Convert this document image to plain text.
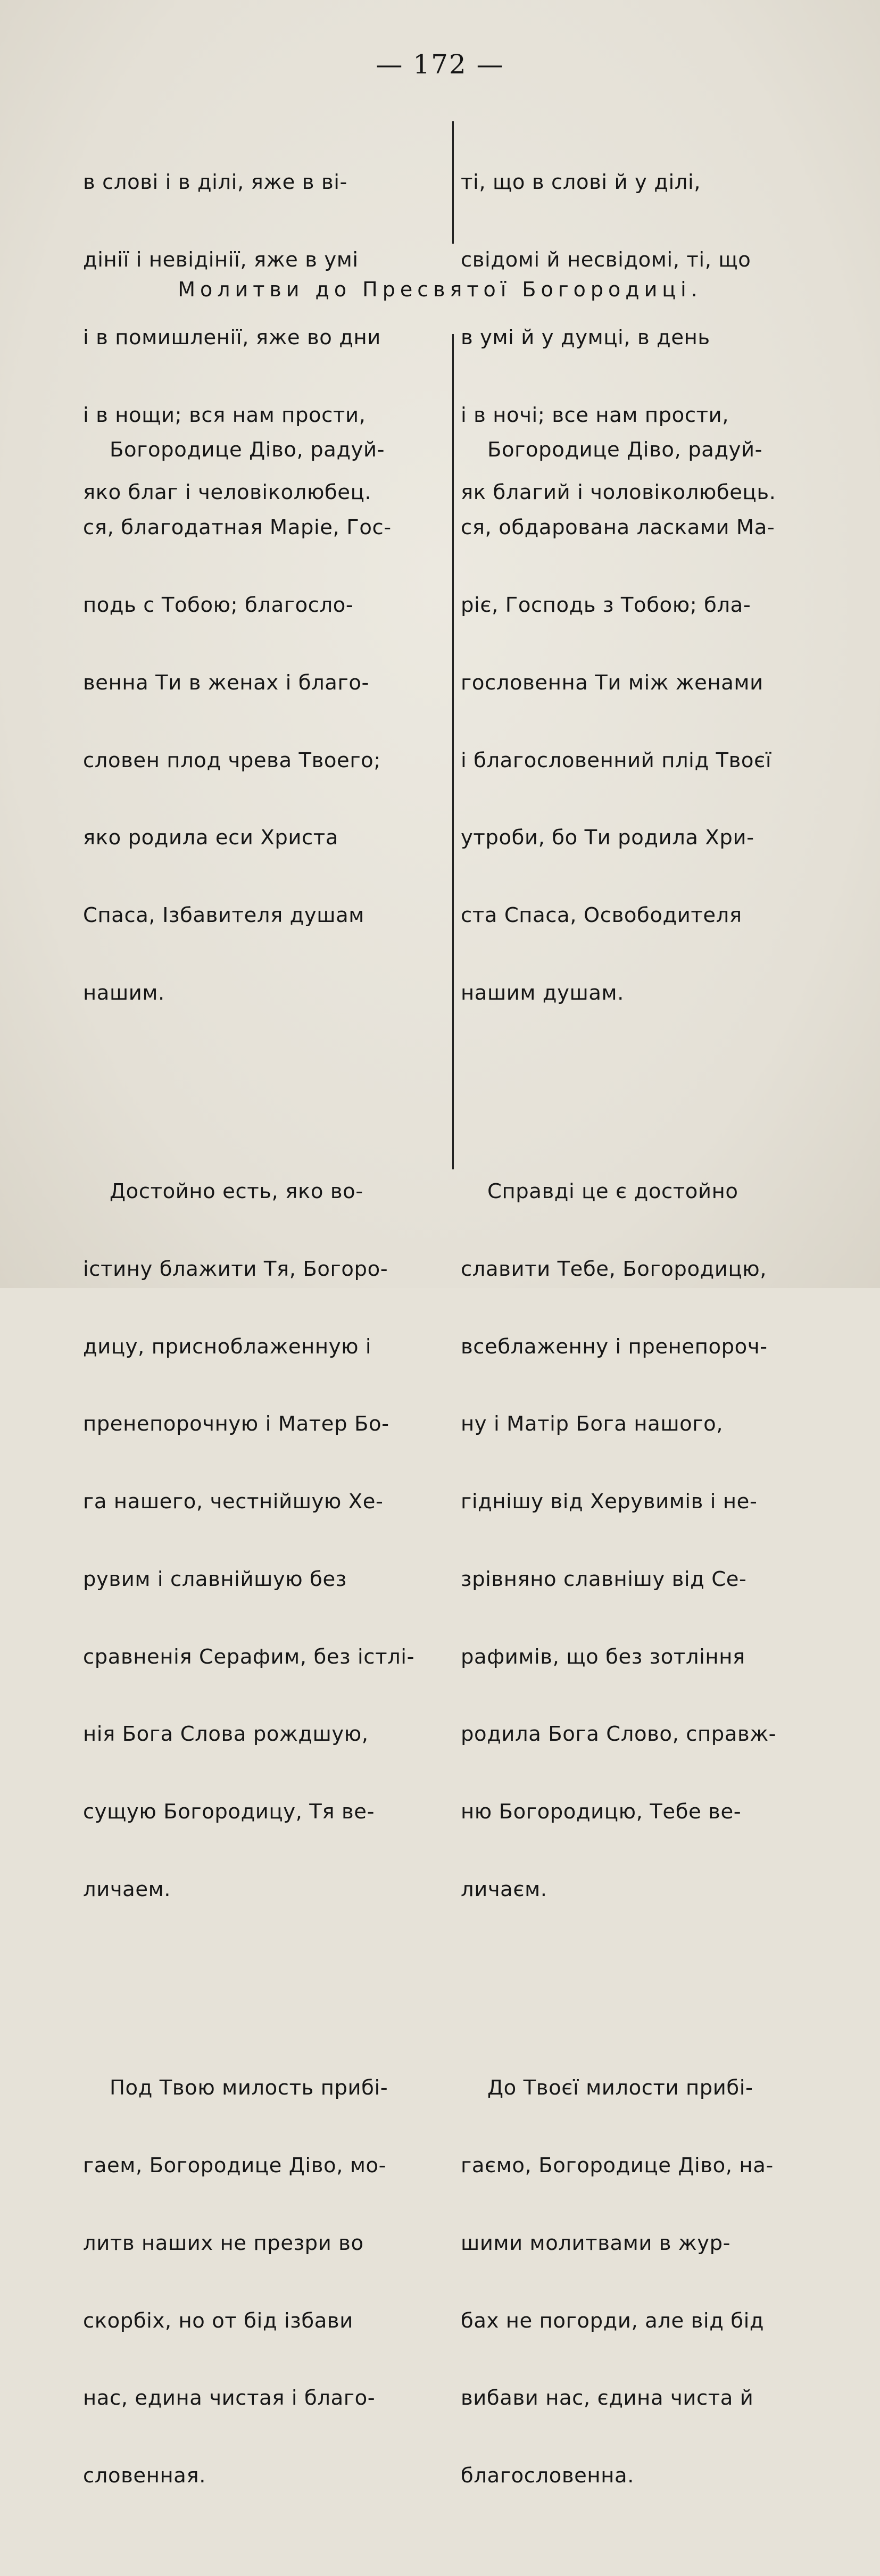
— 172 —

в слові і в ділі, яже в ві-

дінії і невідінії, яже в умі

і в помишленії, яже во дни

і в нощи; вся нам прости,

яко благ і человіколюбец.

ті, що в слові й у ділі,

свідомі й несвідомі, ті, що

в умі й у думці, в день

і в ночі; все нам прости,

як благий і чоловіколюбець.

Молитви до Пресвятої Богородиці.

Богородице Діво, радуй-

ся, благодатная Маріе, Гос-

подь с Тобою; благосло-

венна Ти в женах і благо-

словен плод чрева Твоего;

яко родила еси Христа

Спаса, Ізбавителя душам

нашим.

Достойно есть, яко во-

істину блажити Тя, Богоро-

дицу, присноблаженную і

пренепорочную і Матер Бо-

га нашего, честнійшую Хе-

рувим і славнійшую без

сравненія Серафим, без істлі-

нія Бога Слова рождшую,

сущую Богородицу, Тя ве-

личаем.

Под Твою милость прибі-

гаем, Богородице Діво, мо-

литв наших не презри во

скорбіх, но от бід ізбави

нас, едина чистая і благо-

словенная.

Богородице Діво, радуй-

ся, обдарована ласками Ма-

ріє, Господь з Тобою; бла-

гословенна Ти між женами

і благословенний плід Твоєї

утроби, бо Ти родила Хри-

ста Спаса, Освободителя

нашим душам.

Справді це є достойно

славити Тебе, Богородицю,

всеблаженну і пренепороч-

ну і Матір Бога нашого,

гіднішу від Херувимів і не-

зрівняно славнішу від Се-

рафимів, що без зотління

родила Бога Слово, справж-

ню Богородицю, Тебе ве-

личаєм.

До Твоєї милости прибі-

гаємо, Богородице Діво, на-

шими молитвами в жур-

бах не погорди, але від бід

вибави нас, єдина чиста й

благословенна.
